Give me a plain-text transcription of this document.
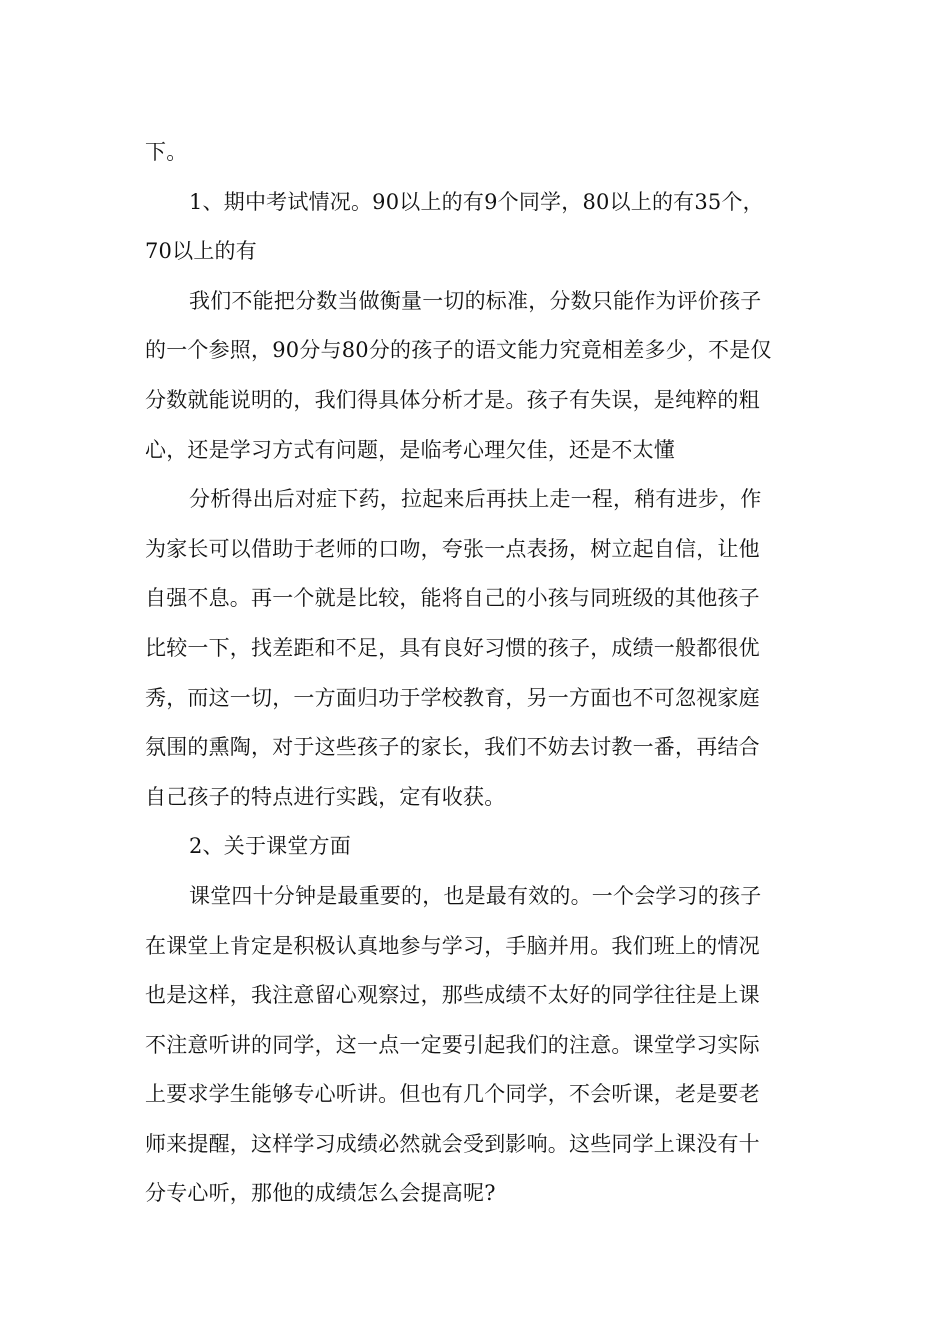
下。
1、期中考试情况。90以上的有9个同学，80以上的有35个，
70以上的有
我们不能把分数当做衡量一切的标准，分数只能作为评价孩子
的一个参照，90分与80分的孩子的语文能力究竟相差多少，不是仅
分数就能说明的，我们得具体分析才是。孩子有失误，是纯粹的粗
心，还是学习方式有问题，是临考心理欠佳，还是不太懂
分析得出后对症下药，拉起来后再扶上走一程，稍有进步，作
为家长可以借助于老师的口吻，夸张一点表扬，树立起自信，让他
自强不息。再一个就是比较，能将自己的小孩与同班级的其他孩子
比较一下，找差距和不足，具有良好习惯的孩子，成绩一般都很优
秀，而这一切，一方面归功于学校教育，另一方面也不可忽视家庭
氛围的熏陶，对于这些孩子的家长，我们不妨去讨教一番，再结合
自己孩子的特点进行实践，定有收获。
2、关于课堂方面
课堂四十分钟是最重要的，也是最有效的。一个会学习的孩子
在课堂上肯定是积极认真地参与学习，手脑并用。我们班上的情况
也是这样，我注意留心观察过，那些成绩不太好的同学往往是上课
不注意听讲的同学，这一点一定要引起我们的注意。课堂学习实际
上要求学生能够专心听讲。但也有几个同学，不会听课，老是要老
师来提醒，这样学习成绩必然就会受到影响。这些同学上课没有十
分专心听，那他的成绩怎么会提高呢?
